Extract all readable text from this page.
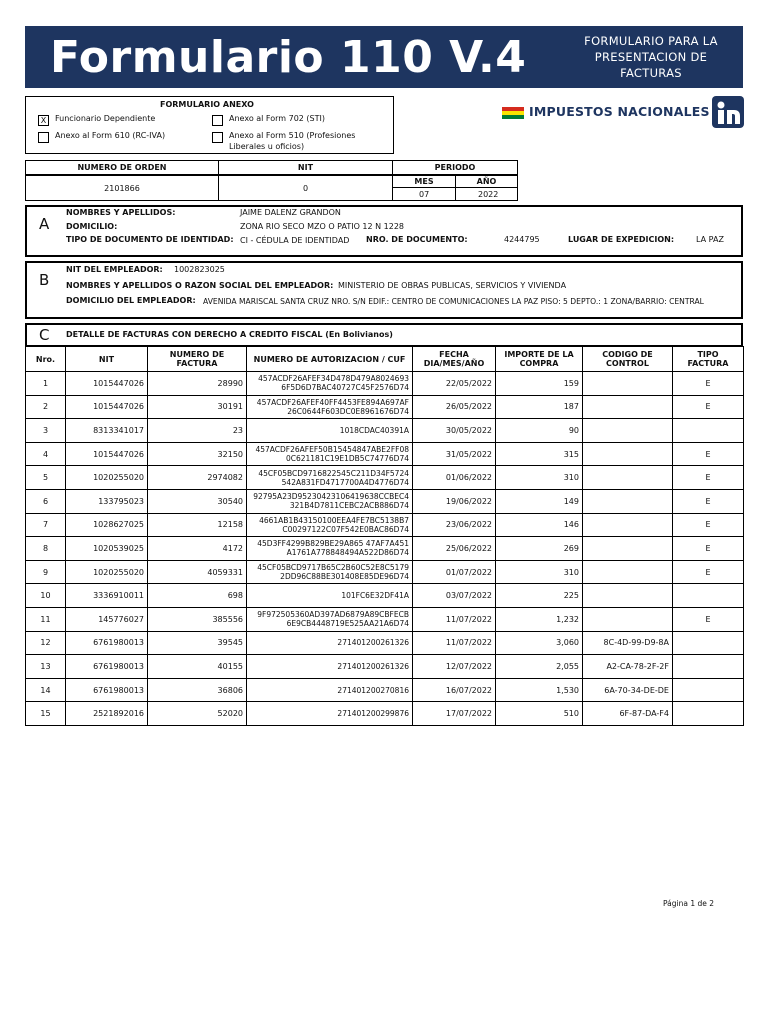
Formulario 110 V.4	FORMULARIO PARA LA
PRESENTACION DE
FACTURAS
FORMULARIO ANEXO
X	Funcionario Dependiente
Anexo al Form 610 (RC-IVA)
Anexo al Form 702 (STI)
Anexo al Form 510 (Profesiones
Liberales u oficios)
IMPUESTOS NACIONALES
NUMERO DE ORDEN
2101866
NIT
0
PERIODO
MES	AÑO
07	2022
A
NOMBRES Y APELLIDOS:	JAIME DALENZ GRANDON
DOMICILIO:	ZONA RIO SECO MZO O PATIO 12 N 1228
TIPO DE DOCUMENTO DE IDENTIDAD: CI - CÉDULA DE IDENTIDAD NRO. DE DOCUMENTO:	4244795	LUGAR DE EXPEDICION:	LA PAZ
B
NIT DEL EMPLEADOR: 1002823025
NOMBRES Y APELLIDOS O RAZON SOCIAL DEL EMPLEADOR: MINISTERIO DE OBRAS PUBLICAS, SERVICIOS Y VIVIENDA
DOMICILIO DEL EMPLEADOR: AVENIDA MARISCAL SANTA CRUZ NRO. S/N EDIF.: CENTRO DE COMUNICACIONES LA PAZ PISO: 5 DEPTO.: 1 ZONA/BARRIO: CENTRAL
C DETALLE DE FACTURAS CON DERECHO A CREDITO FISCAL (En Bolivianos)
Nro.	NIT	NUMERO DE FACTURA	NUMERO DE AUTORIZACION / CUF	FECHA DIA/MES/AÑO	IMPORTE DE LA COMPRA	CODIGO DE CONTROL	TIPO FACTURA
1	1015447026	28990	457ACDF26AFEF34D478D479A8024693
6F5D6D7BAC40727C45F2576D74	22/05/2022	159		E
2	1015447026	30191	457ACDF26AFEF40FF4453FE894A697AF
26C0644F603DC0E8961676D74	26/05/2022	187		E
3	8313341017	23	1018CDAC40391A	30/05/2022	90		
4	1015447026	32150	457ACDF26AFEF50B15454847ABE2FF08
0C621181C19E1DB5C74776D74	31/05/2022	315		E
5	1020255020	2974082	45CF05BCD9716822545C211D34F5724
542A831FD4717700A4D4776D74	01/06/2022	310		E
6	133795023	30540	92795A23D95230423106419638CCBEC4
321B4D7811CEBC2ACB886D74	19/06/2022	149		E
7	1028627025	12158	4661AB1B43150100EEA4FE7BC5138B7
C00297122C07F542E0BAC86D74	23/06/2022	146		E
8	1020539025	4172	45D3FF4299B829BE29A865 47AF7A451
A1761A778848494A522D86D74	25/06/2022	269		E
9	1020255020	4059331	45CF05BCD9717B65C2B60C52E8C5179
2DD96C88BE301408E85DE96D74	01/07/2022	310		E
10	3336910011	698	101FC6E32DF41A	03/07/2022	225		
11	145776027	385556	9F972505360AD397AD6879A89CBFECB
6E9CB4448719E525AA21A6D74	11/07/2022	1,232		E
12	6761980013	39545	271401200261326	11/07/2022	3,060	8C-4D-99-D9-8A	
13	6761980013	40155	271401200261326	12/07/2022	2,055	A2-CA-78-2F-2F	
14	6761980013	36806	271401200270816	16/07/2022	1,530	6A-70-34-DE-DE	
15	2521892016	52020	271401200299876	17/07/2022	510	6F-87-DA-F4	
Página 1 de 2
